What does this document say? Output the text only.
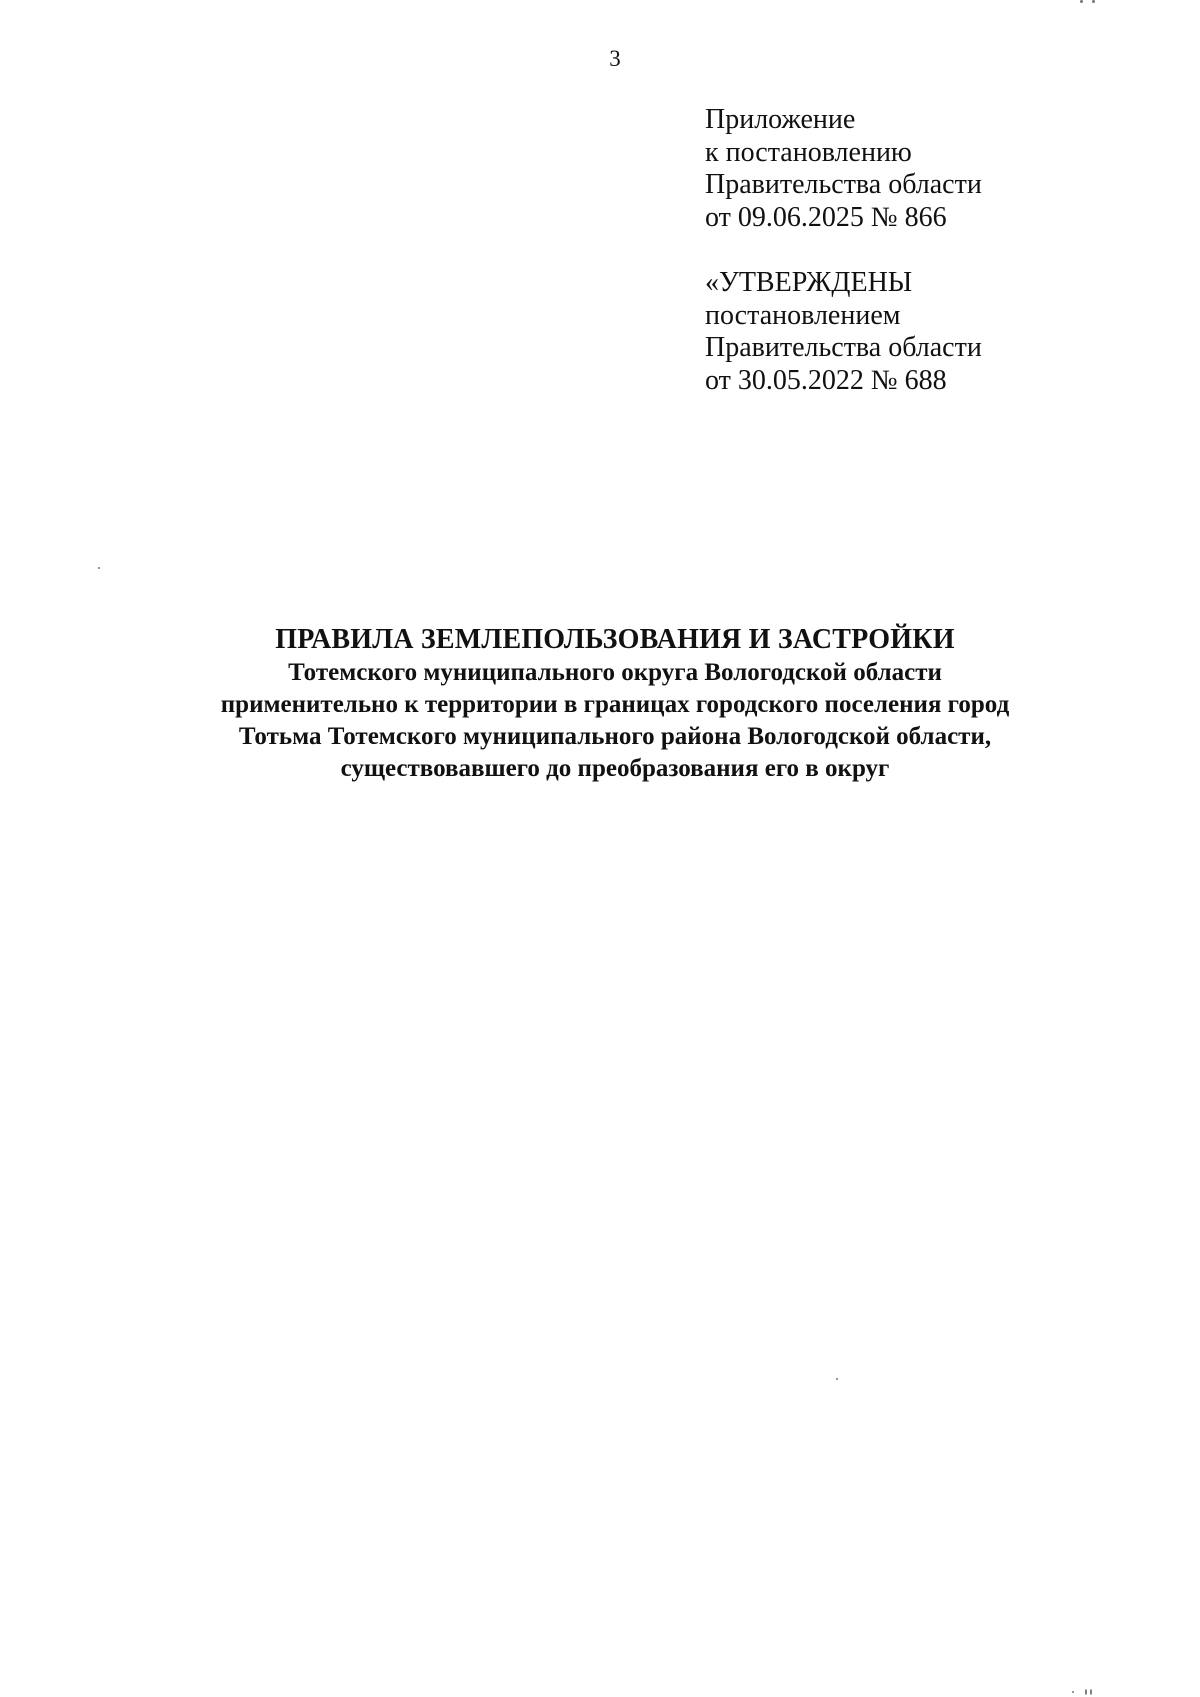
3
Приложение
к постановлению
Правительства области
от 09.06.2025 № 866
«УТВЕРЖДЕНЫ
постановлением
Правительства области
от 30.05.2022 № 688
ПРАВИЛА ЗЕМЛЕПОЛЬЗОВАНИЯ И ЗАСТРОЙКИ
Тотемского муниципального округа Вологодской области
применительно к территории в границах городского поселения город
Тотьма Тотемского муниципального района Вологодской области,
существовавшего до преобразования его в округ
